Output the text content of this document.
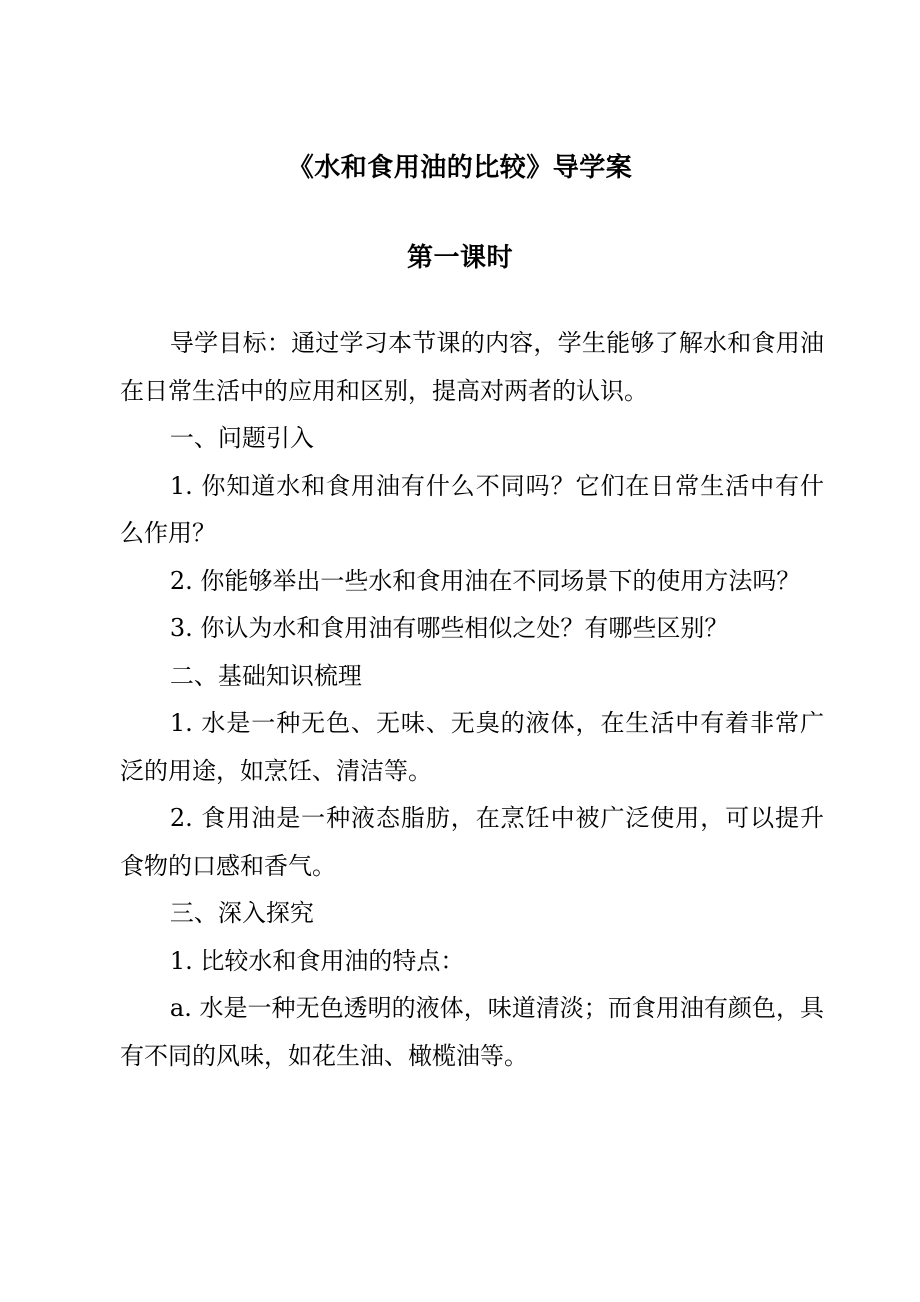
《水和食用油的比较》导学案
第一课时

导学目标：通过学习本节课的内容，学生能够了解水和食用油在日常生活中的应用和区别，提高对两者的认识。

一、问题引入

1. 你知道水和食用油有什么不同吗？它们在日常生活中有什么作用？

2. 你能够举出一些水和食用油在不同场景下的使用方法吗？

3. 你认为水和食用油有哪些相似之处？有哪些区别？

二、基础知识梳理

1. 水是一种无色、无味、无臭的液体，在生活中有着非常广泛的用途，如烹饪、清洁等。

2. 食用油是一种液态脂肪，在烹饪中被广泛使用，可以提升食物的口感和香气。

三、深入探究

1. 比较水和食用油的特点：

a. 水是一种无色透明的液体，味道清淡；而食用油有颜色，具有不同的风味，如花生油、橄榄油等。
